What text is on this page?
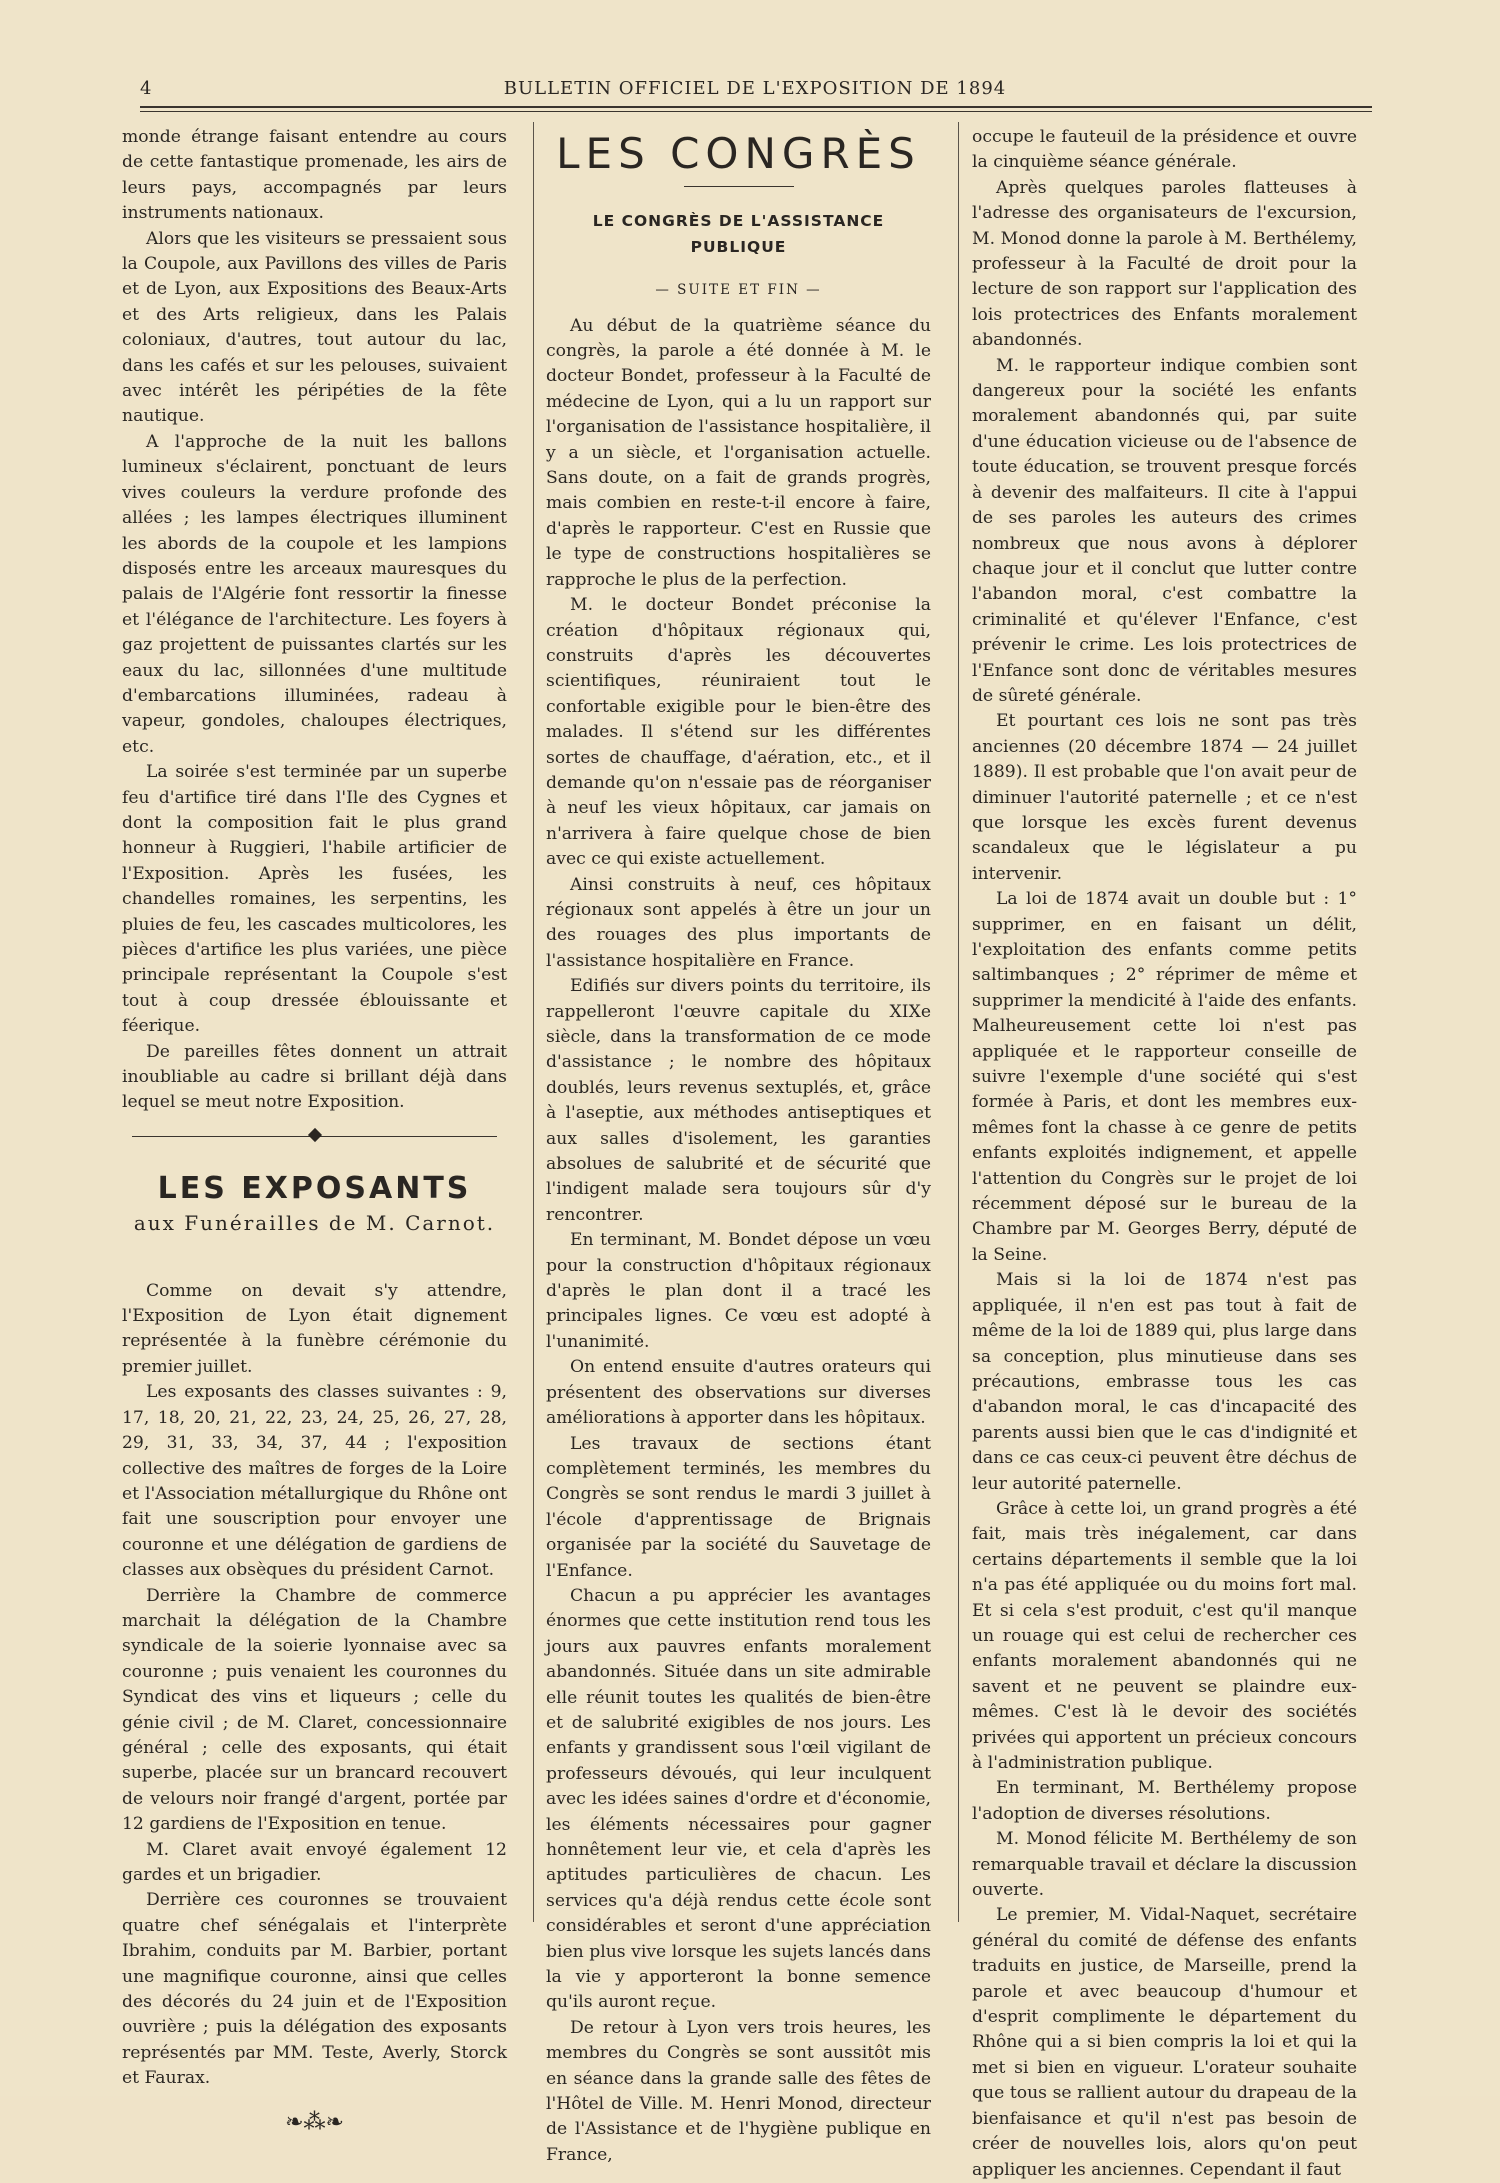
4	BULLETIN OFFICIEL DE L'EXPOSITION DE 1894

monde étrange faisant entendre au cours de cette fantastique promenade, les airs de leurs pays, accompagnés par leurs instruments nationaux.

Alors que les visiteurs se pressaient sous la Coupole, aux Pavillons des villes de Paris et de Lyon, aux Expositions des Beaux-Arts et des Arts religieux, dans les Palais coloniaux, d'autres, tout autour du lac, dans les cafés et sur les pelouses, suivaient avec intérêt les péripéties de la fête nautique.

A l'approche de la nuit les ballons lumineux s'éclairent, ponctuant de leurs vives couleurs la verdure profonde des allées ; les lampes électriques illuminent les abords de la coupole et les lampions disposés entre les arceaux mauresques du palais de l'Algérie font ressortir la finesse et l'élégance de l'architecture. Les foyers à gaz projettent de puissantes clartés sur les eaux du lac, sillonnées d'une multitude d'embarcations illuminées, radeau à vapeur, gondoles, chaloupes électriques, etc.

La soirée s'est terminée par un superbe feu d'artifice tiré dans l'Ile des Cygnes et dont la composition fait le plus grand honneur à Ruggieri, l'habile artificier de l'Exposition. Après les fusées, les chandelles romaines, les serpentins, les pluies de feu, les cascades multicolores, les pièces d'artifice les plus variées, une pièce principale représentant la Coupole s'est tout à coup dressée éblouissante et féerique.

De pareilles fêtes donnent un attrait inoubliable au cadre si brillant déjà dans lequel se meut notre Exposition.

LES EXPOSANTS
aux Funérailles de M. Carnot.

Comme on devait s'y attendre, l'Exposition de Lyon était dignement représentée à la funèbre cérémonie du premier juillet.

Les exposants des classes suivantes : 9, 17, 18, 20, 21, 22, 23, 24, 25, 26, 27, 28, 29, 31, 33, 34, 37, 44 ; l'exposition collective des maîtres de forges de la Loire et l'Association métallurgique du Rhône ont fait une souscription pour envoyer une couronne et une délégation de gardiens de classes aux obsèques du président Carnot.

Derrière la Chambre de commerce marchait la délégation de la Chambre syndicale de la soierie lyonnaise avec sa couronne ; puis venaient les couronnes du Syndicat des vins et liqueurs ; celle du génie civil ; de M. Claret, concessionnaire général ; celle des exposants, qui était superbe, placée sur un brancard recouvert de velours noir frangé d'argent, portée par 12 gardiens de l'Exposition en tenue.

M. Claret avait envoyé également 12 gardes et un brigadier.

Derrière ces couronnes se trouvaient quatre chef sénégalais et l'interprète Ibrahim, conduits par M. Barbier, portant une magnifique couronne, ainsi que celles des décorés du 24 juin et de l'Exposition ouvrière ; puis la délégation des exposants représentés par MM. Teste, Averly, Storck et Faurax.

❧⁂❧
LES CONGRÈS
LE CONGRÈS DE L'ASSISTANCE PUBLIQUE
— SUITE ET FIN —

Au début de la quatrième séance du congrès, la parole a été donnée à M. le docteur Bondet, professeur à la Faculté de médecine de Lyon, qui a lu un rapport sur l'organisation de l'assistance hospitalière, il y a un siècle, et l'organisation actuelle. Sans doute, on a fait de grands progrès, mais combien en reste-t-il encore à faire, d'après le rapporteur. C'est en Russie que le type de constructions hospitalières se rapproche le plus de la perfection.

M. le docteur Bondet préconise la création d'hôpitaux régionaux qui, construits d'après les découvertes scientifiques, réuniraient tout le confortable exigible pour le bien-être des malades. Il s'étend sur les différentes sortes de chauffage, d'aération, etc., et il demande qu'on n'essaie pas de réorganiser à neuf les vieux hôpitaux, car jamais on n'arrivera à faire quelque chose de bien avec ce qui existe actuellement.

Ainsi construits à neuf, ces hôpitaux régionaux sont appelés à être un jour un des rouages des plus importants de l'assistance hospitalière en France.

Edifiés sur divers points du territoire, ils rappelleront l'œuvre capitale du XIXe siècle, dans la transformation de ce mode d'assistance ; le nombre des hôpitaux doublés, leurs revenus sextuplés, et, grâce à l'aseptie, aux méthodes antiseptiques et aux salles d'isolement, les garanties absolues de salubrité et de sécurité que l'indigent malade sera toujours sûr d'y rencontrer.

En terminant, M. Bondet dépose un vœu pour la construction d'hôpitaux régionaux d'après le plan dont il a tracé les principales lignes. Ce vœu est adopté à l'unanimité.

On entend ensuite d'autres orateurs qui présentent des observations sur diverses améliorations à apporter dans les hôpitaux.

Les travaux de sections étant complètement terminés, les membres du Congrès se sont rendus le mardi 3 juillet à l'école d'apprentissage de Brignais organisée par la société du Sauvetage de l'Enfance.

Chacun a pu apprécier les avantages énormes que cette institution rend tous les jours aux pauvres enfants moralement abandonnés. Située dans un site admirable elle réunit toutes les qualités de bien-être et de salubrité exigibles de nos jours. Les enfants y grandissent sous l'œil vigilant de professeurs dévoués, qui leur inculquent avec les idées saines d'ordre et d'économie, les éléments nécessaires pour gagner honnêtement leur vie, et cela d'après les aptitudes particulières de chacun. Les services qu'a déjà rendus cette école sont considérables et seront d'une appréciation bien plus vive lorsque les sujets lancés dans la vie y apporteront la bonne semence qu'ils auront reçue.

De retour à Lyon vers trois heures, les membres du Congrès se sont aussitôt mis en séance dans la grande salle des fêtes de l'Hôtel de Ville. M. Henri Monod, directeur de l'Assistance et de l'hygiène publique en France,

occupe le fauteuil de la présidence et ouvre la cinquième séance générale.

Après quelques paroles flatteuses à l'adresse des organisateurs de l'excursion, M. Monod donne la parole à M. Berthélemy, professeur à la Faculté de droit pour la lecture de son rapport sur l'application des lois protectrices des Enfants moralement abandonnés.

M. le rapporteur indique combien sont dangereux pour la société les enfants moralement abandonnés qui, par suite d'une éducation vicieuse ou de l'absence de toute éducation, se trouvent presque forcés à devenir des malfaiteurs. Il cite à l'appui de ses paroles les auteurs des crimes nombreux que nous avons à déplorer chaque jour et il conclut que lutter contre l'abandon moral, c'est combattre la criminalité et qu'élever l'Enfance, c'est prévenir le crime. Les lois protectrices de l'Enfance sont donc de véritables mesures de sûreté générale.

Et pourtant ces lois ne sont pas très anciennes (20 décembre 1874 — 24 juillet 1889). Il est probable que l'on avait peur de diminuer l'autorité paternelle ; et ce n'est que lorsque les excès furent devenus scandaleux que le législateur a pu intervenir.

La loi de 1874 avait un double but : 1° supprimer, en en faisant un délit, l'exploitation des enfants comme petits saltimbanques ; 2° réprimer de même et supprimer la mendicité à l'aide des enfants. Malheureusement cette loi n'est pas appliquée et le rapporteur conseille de suivre l'exemple d'une société qui s'est formée à Paris, et dont les membres eux-mêmes font la chasse à ce genre de petits enfants exploités indignement, et appelle l'attention du Congrès sur le projet de loi récemment déposé sur le bureau de la Chambre par M. Georges Berry, député de la Seine.

Mais si la loi de 1874 n'est pas appliquée, il n'en est pas tout à fait de même de la loi de 1889 qui, plus large dans sa conception, plus minutieuse dans ses précautions, embrasse tous les cas d'abandon moral, le cas d'incapacité des parents aussi bien que le cas d'indignité et dans ce cas ceux-ci peuvent être déchus de leur autorité paternelle.

Grâce à cette loi, un grand progrès a été fait, mais très inégalement, car dans certains départements il semble que la loi n'a pas été appliquée ou du moins fort mal. Et si cela s'est produit, c'est qu'il manque un rouage qui est celui de rechercher ces enfants moralement abandonnés qui ne savent et ne peuvent se plaindre eux-mêmes. C'est là le devoir des sociétés privées qui apportent un précieux concours à l'administration publique.

En terminant, M. Berthélemy propose l'adoption de diverses résolutions.

M. Monod félicite M. Berthélemy de son remarquable travail et déclare la discussion ouverte.

Le premier, M. Vidal-Naquet, secrétaire général du comité de défense des enfants traduits en justice, de Marseille, prend la parole et avec beaucoup d'humour et d'esprit complimente le département du Rhône qui a si bien compris la loi et qui la met si bien en vigueur. L'orateur souhaite que tous se rallient autour du drapeau de la bienfaisance et qu'il n'est pas besoin de créer de nouvelles lois, alors qu'on peut appliquer les anciennes. Cependant il faut
